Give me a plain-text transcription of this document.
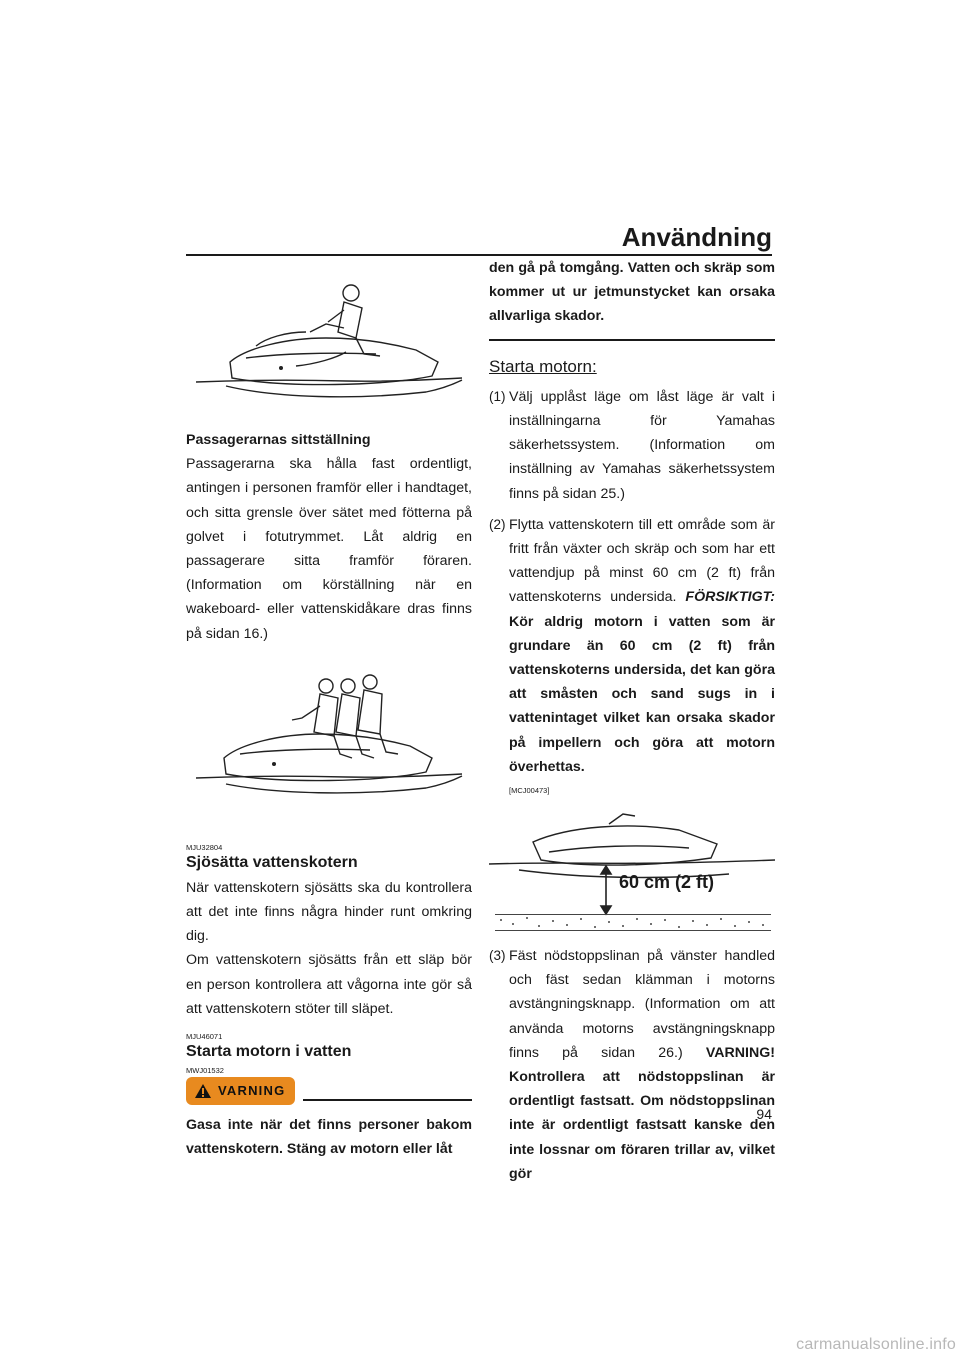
Användning

Passagerarnas sittställning

Passagerarna ska hålla fast ordentligt, antingen i personen framför eller i handtaget, och sitta grensle över sätet med fötterna på golvet i fotutrymmet. Låt aldrig en passagerare sitta framför föraren. (Information om körställning när en wakeboard- eller vattenskidåkare dras finns på sidan 16.)

MJU32804
Sjösätta vattenskotern

När vattenskotern sjösätts ska du kontrollera att det inte finns några hinder runt omkring dig.

Om vattenskotern sjösätts från ett släp bör en person kontrollera att vågorna inte gör så att vattenskotern stöter till släpet.

MJU46071
Starta motorn i vatten
MWJ01532
VARNING

Gasa inte när det finns personer bakom vattenskotern. Stäng av motorn eller låt

den gå på tomgång. Vatten och skräp som kommer ut ur jetmunstycket kan orsaka allvarliga skador.

Starta motorn:
(1) Välj upplåst läge om låst läge är valt i inställningarna för Yamahas säkerhetssystem. (Information om inställning av Yamahas säkerhetssystem finns på sidan 25.)
(2) Flytta vattenskotern till ett område som är fritt från växter och skräp och som har ett vattendjup på minst 60 cm (2 ft) från vattenskoterns undersida. FÖRSIKTIGT: Kör aldrig motorn i vatten som är grundare än 60 cm (2 ft) från vattenskoterns undersida, det kan göra att småsten och sand sugs in i vattenintaget vilket kan orsaka skador på impellern och göra att motorn överhettas.
[MCJ00473]
60 cm (2 ft)
(3) Fäst nödstoppslinan på vänster handled och fäst sedan klämman i motorns avstängningsknapp. (Information om att använda motorns avstängningsknapp finns på sidan 26.) VARNING! Kontrollera att nödstoppslinan är ordentligt fastsatt. Om nödstoppslinan inte är ordentligt fastsatt kanske den inte lossnar om föraren trillar av, vilket gör
94
carmanualsonline.info
